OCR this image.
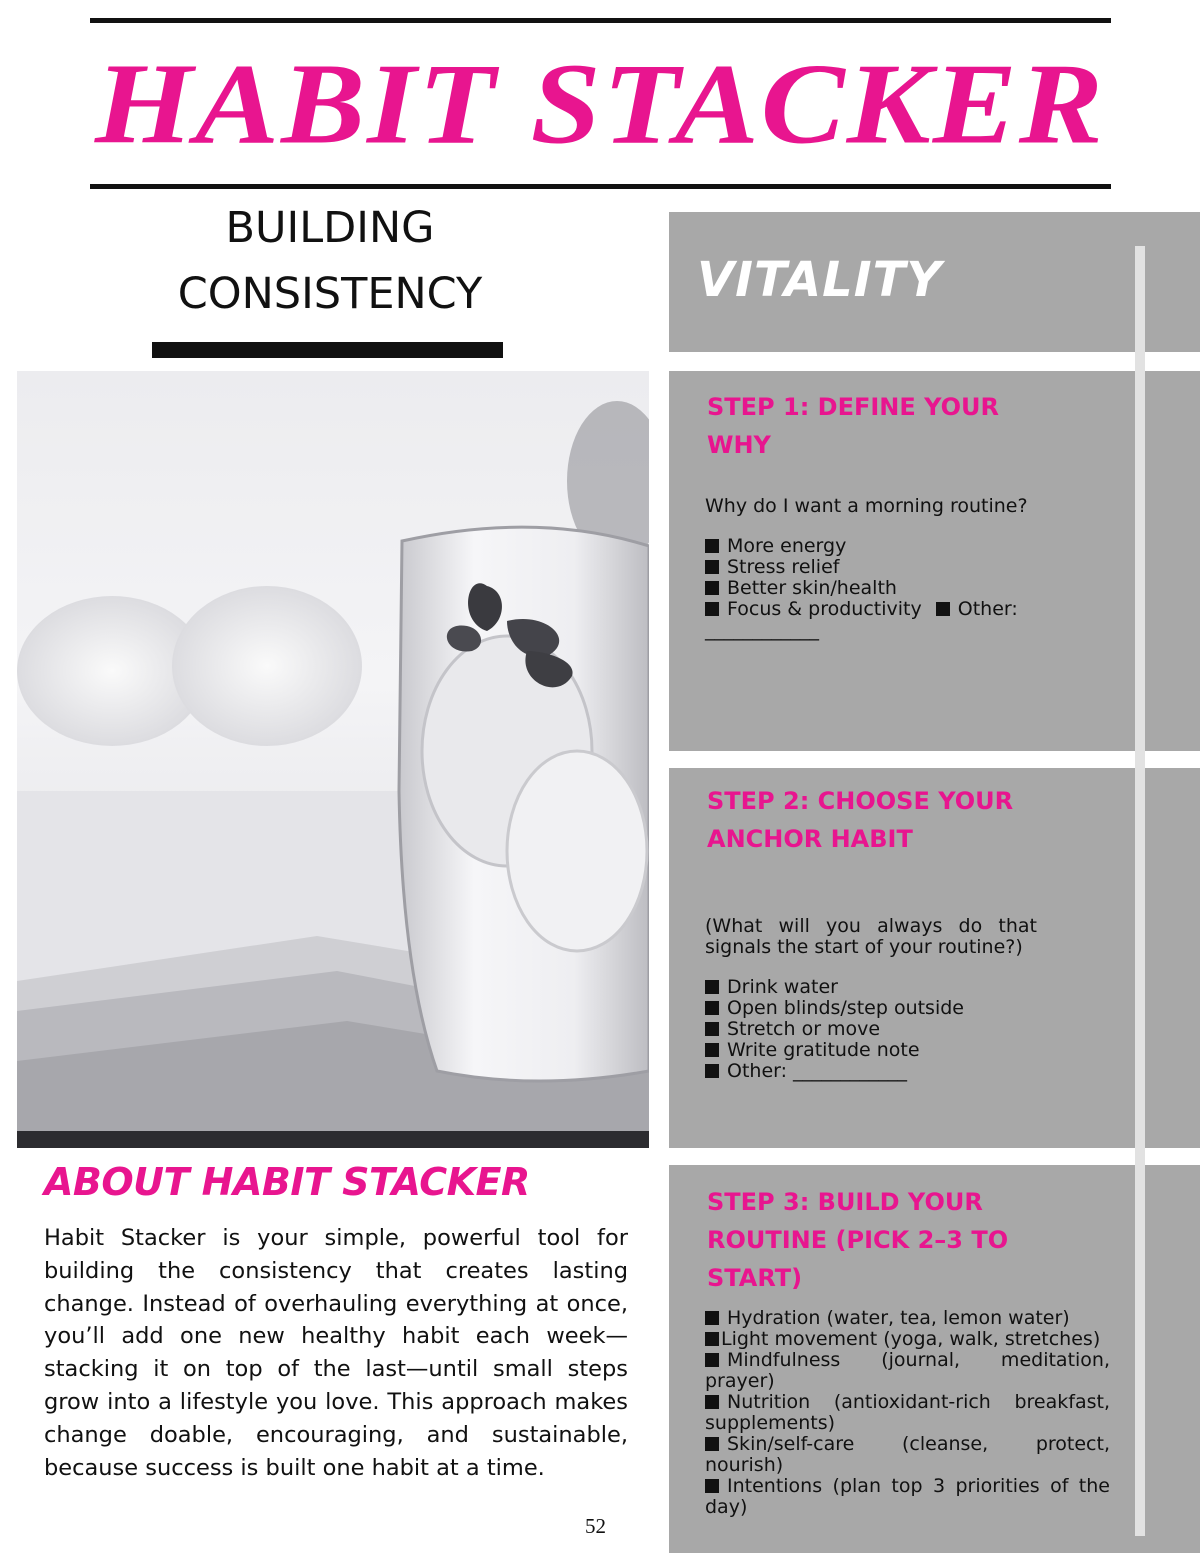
HABIT STACKER
BUILDING
CONSISTENCY	VITALITY
STEP 1: DEFINE YOUR WHY
Why do I want a morning routine?
More energy
Stress relief
Better skin/health
Focus & productivity Other: ____________
STEP 2: CHOOSE YOUR ANCHOR HABIT
(What will you always do that signals the start of your routine?)
Drink water
Open blinds/step outside
Stretch or move
Write gratitude note
Other: ____________
STEP 3: BUILD YOUR ROUTINE (PICK 2–3 TO START)
Hydration (water, tea, lemon water)
Light movement (yoga, walk, stretches)
Mindfulness (journal, meditation, prayer)
Nutrition (antioxidant-rich breakfast, supplements)
Skin/self-care (cleanse, protect, nourish)
Intentions (plan top 3 priorities of the day)
ABOUT HABIT STACKER
Habit Stacker is your simple, powerful tool for building the consistency that creates lasting change. Instead of overhauling everything at once, you’ll add one new healthy habit each week—stacking it on top of the last—until small steps grow into a lifestyle you love. This approach makes change doable, encouraging, and sustainable, because success is built one habit at a time.
52
